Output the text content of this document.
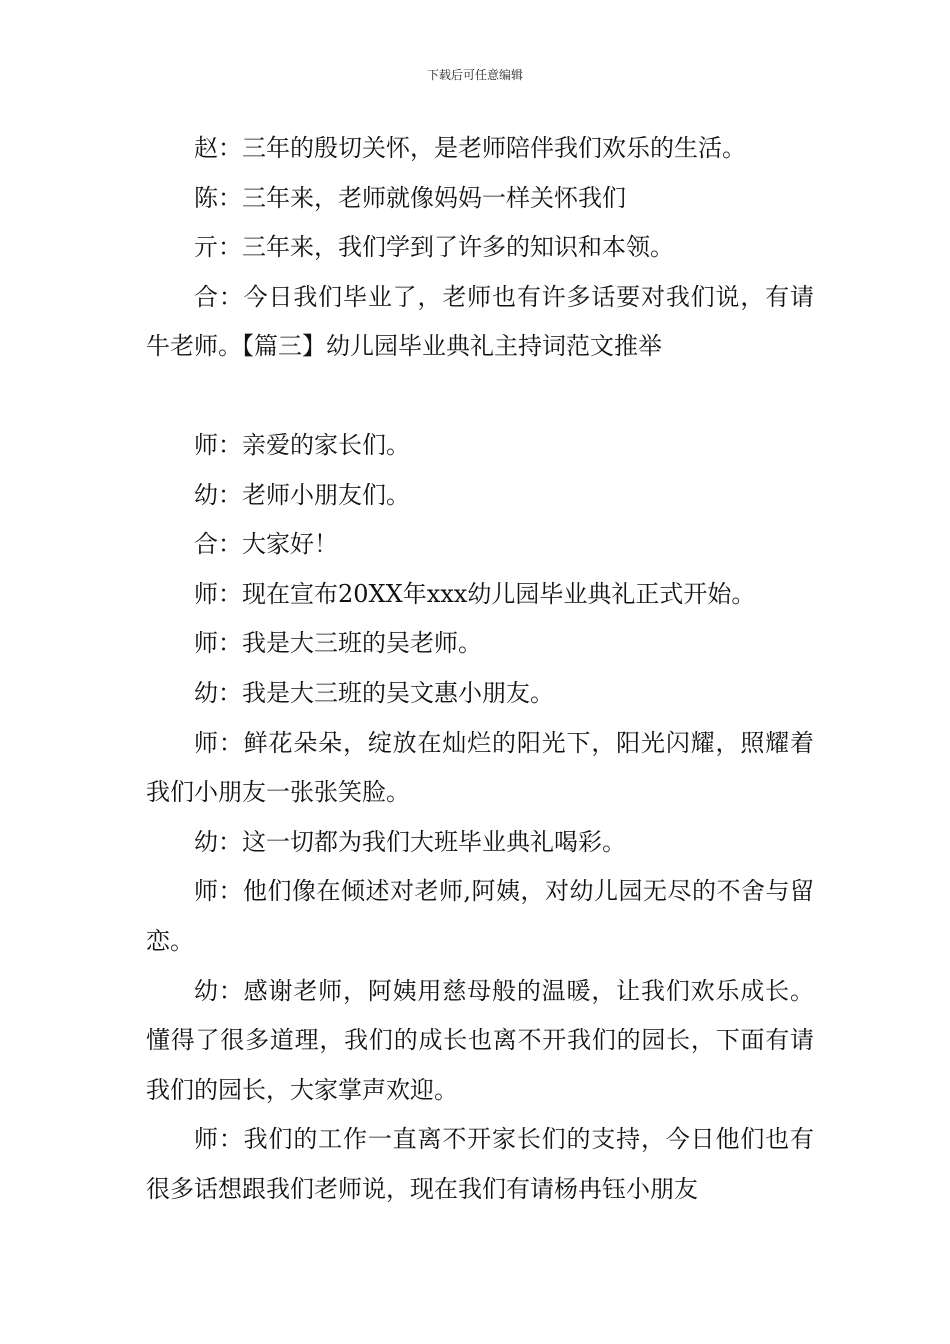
下载后可任意编辑

赵：三年的殷切关怀，是老师陪伴我们欢乐的生活。

陈：三年来，老师就像妈妈一样关怀我们

亓：三年来，我们学到了许多的知识和本领。

合：今日我们毕业了，老师也有许多话要对我们说，有请牛老师。【篇三】幼儿园毕业典礼主持词范文推举

师：亲爱的家长们。

幼：老师小朋友们。

合：大家好！

师：现在宣布20XX年xxx幼儿园毕业典礼正式开始。

师：我是大三班的吴老师。

幼：我是大三班的吴文惠小朋友。

师：鲜花朵朵，绽放在灿烂的阳光下，阳光闪耀，照耀着我们小朋友一张张笑脸。

幼：这一切都为我们大班毕业典礼喝彩。

师：他们像在倾述对老师,阿姨，对幼儿园无尽的不舍与留恋。

幼：感谢老师，阿姨用慈母般的温暖，让我们欢乐成长。懂得了很多道理，我们的成长也离不开我们的园长，下面有请我们的园长，大家掌声欢迎。

师：我们的工作一直离不开家长们的支持，今日他们也有很多话想跟我们老师说，现在我们有请杨冉钰小朋友
